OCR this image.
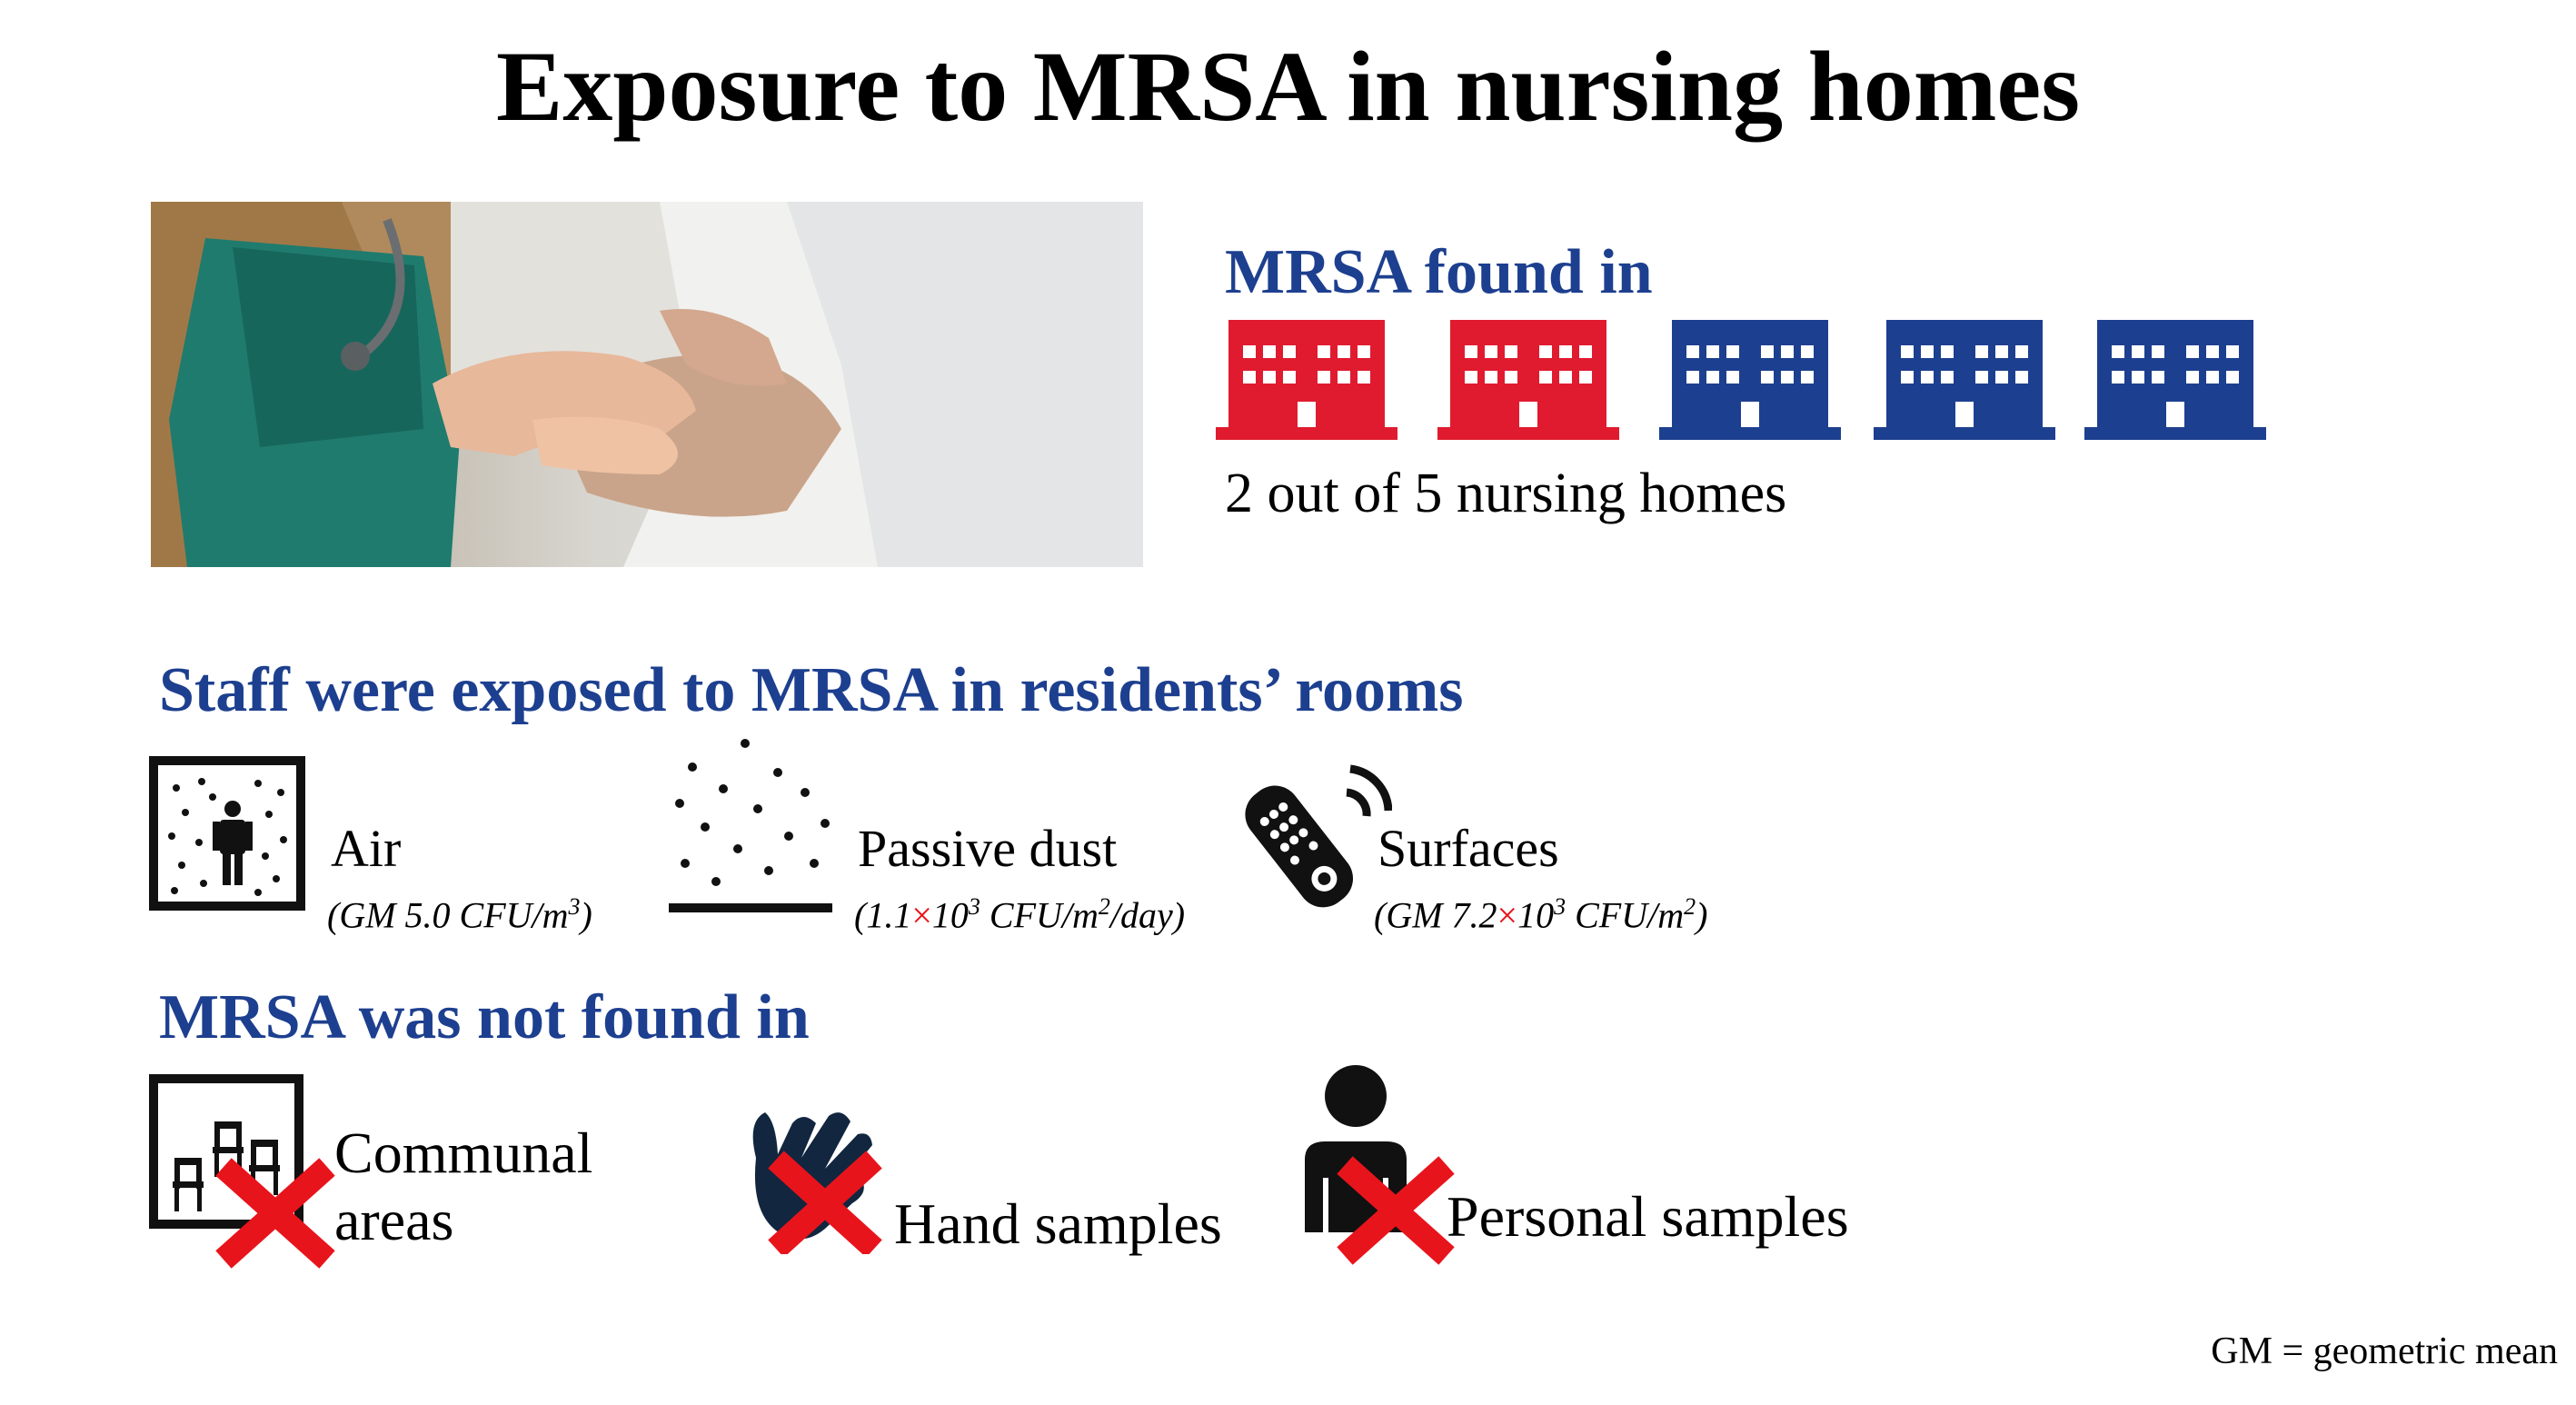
Exposure to MRSA in nursing homes
MRSA found in
2 out of 5 nursing homes
Staff were exposed to MRSA in residents’ rooms
Air
(GM 5.0 CFU/$m^3$)
Passive dust
($1.1\times 10^3$ CFU/$m^2/day$)
Surfaces
(GM $7.2\times 10^3$ CFU/$m^2$)
MRSA was not found in
Communal
areas	Hand samples	Personal samples
GM = geometric mean
